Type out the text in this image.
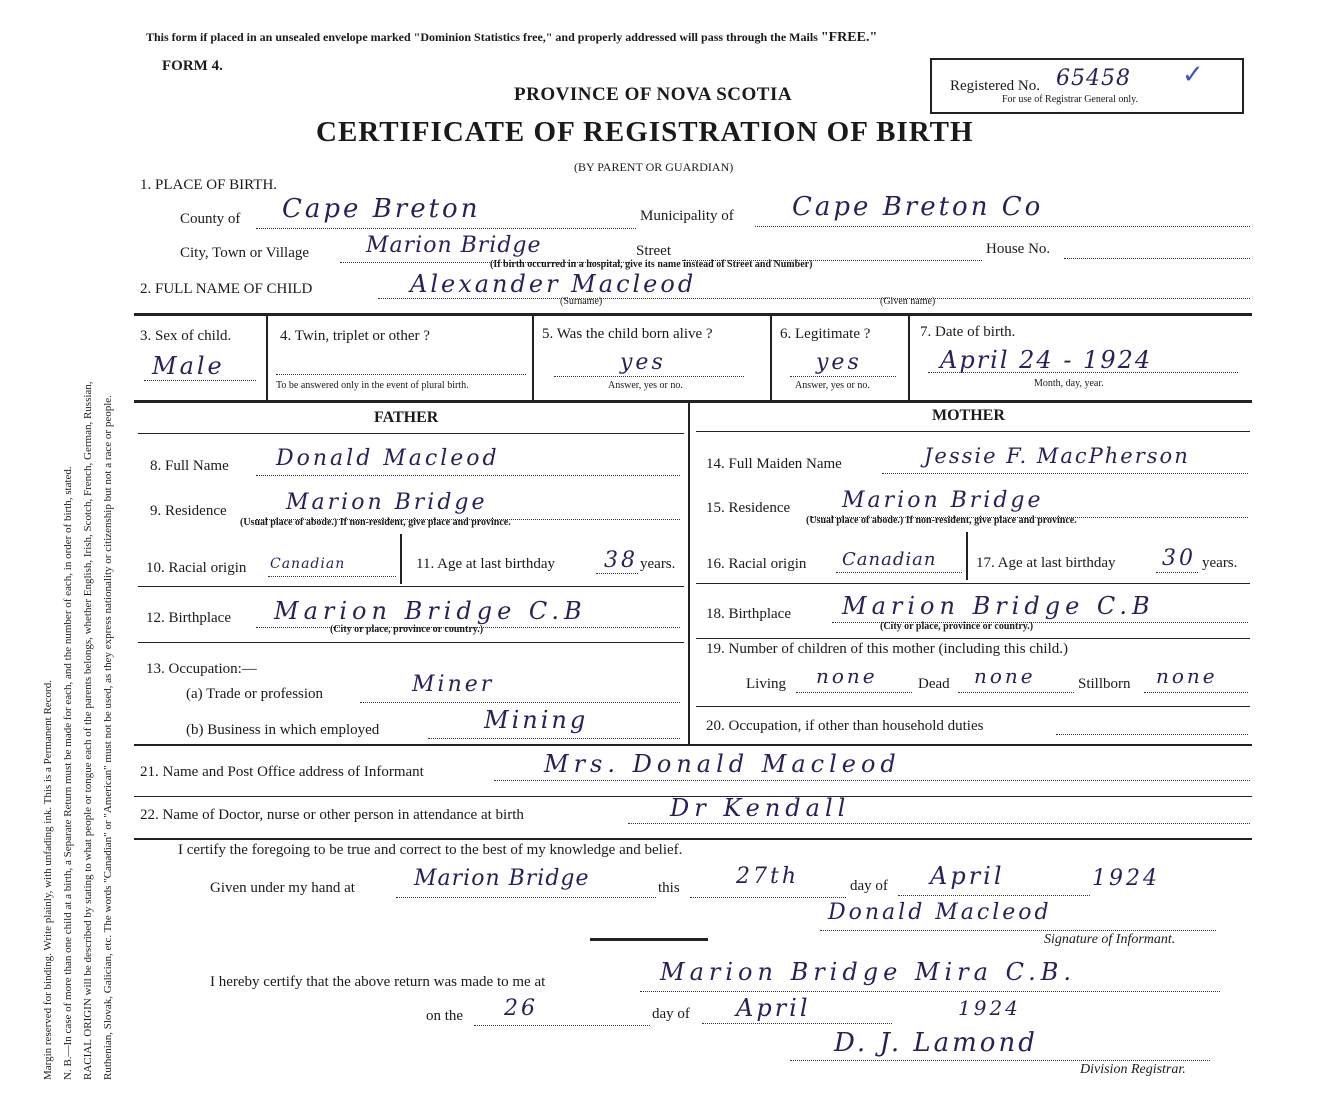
Margin reserved for binding. Write plainly, with unfading ink. This is a Permanent Record. N. B.—In case of more than one child at a birth, a Separate Return must be made for each, and the number of each, in order of birth, stated. RACIAL ORIGIN will be described by stating to what people or tongue each of the parents belongs, whether English, Irish, Scotch, French, German, Russian, Ruthenian, Slovak, Galician, etc. The words "Canadian" or "American" must not be used, as they express nationality or citizenship but not a race or people.
This form if placed in an unsealed envelope marked "Dominion Statistics free," and properly addressed will pass through the Mails "FREE."
FORM 4.
PROVINCE OF NOVA SCOTIA
CERTIFICATE OF REGISTRATION OF BIRTH
(BY PARENT OR GUARDIAN)
Registered No. 65458 ✓
For use of Registrar General only.
1. PLACE OF BIRTH.
County of Cape Breton	Municipality of Cape Breton Co
City, Town or Village	Marion Bridge	Street	House No.
(If birth occurred in a hospital, give its name instead of Street and Number)
2. FULL NAME OF CHILD	Alexander Macleod
(Surname)	(Given name)
3. Sex of child.
Male
4. Twin, triplet or other ?
To be answered only in the event of plural birth.
5. Was the child born alive ?
yes
Answer, yes or no.
6. Legitimate ?
yes
Answer, yes or no.
7. Date of birth.
April 24 - 1924
Month, day, year.
FATHER	MOTHER
8. Full Name Donald Macleod
9. Residence	Marion Bridge
(Usual place of abode.) If non-resident, give place and province.
10. Racial origin Canadian	11. Age at last birthday 38 years.
12. Birthplace Marion Bridge C.B
(City or place, province or country.)
13. Occupation:—
(a) Trade or profession	Miner
(b) Business in which employed	Mining
14. Full Maiden Name	Jessie F. MacPherson
15. Residence Marion Bridge
(Usual place of abode.) If non-resident, give place and province.
16. Racial origin Canadian	17. Age at last birthday 30 years.
18. Birthplace Marion Bridge C.B
(City or place, province or country.)
19. Number of children of this mother (including this child.)
Living none	Dead none	Stillborn none
20. Occupation, if other than household duties
21. Name and Post Office address of Informant	Mrs. Donald Macleod
22. Name of Doctor, nurse or other person in attendance at birth	Dr Kendall
I certify the foregoing to be true and correct to the best of my knowledge and belief.
Given under my hand at	Marion Bridge	this	27th	day of April	1924
Donald Macleod
Signature of Informant.
I hereby certify that the above return was made to me at	Marion Bridge Mira C.B.
on the 26	day of April	1924
D. J. Lamond
Division Registrar.
